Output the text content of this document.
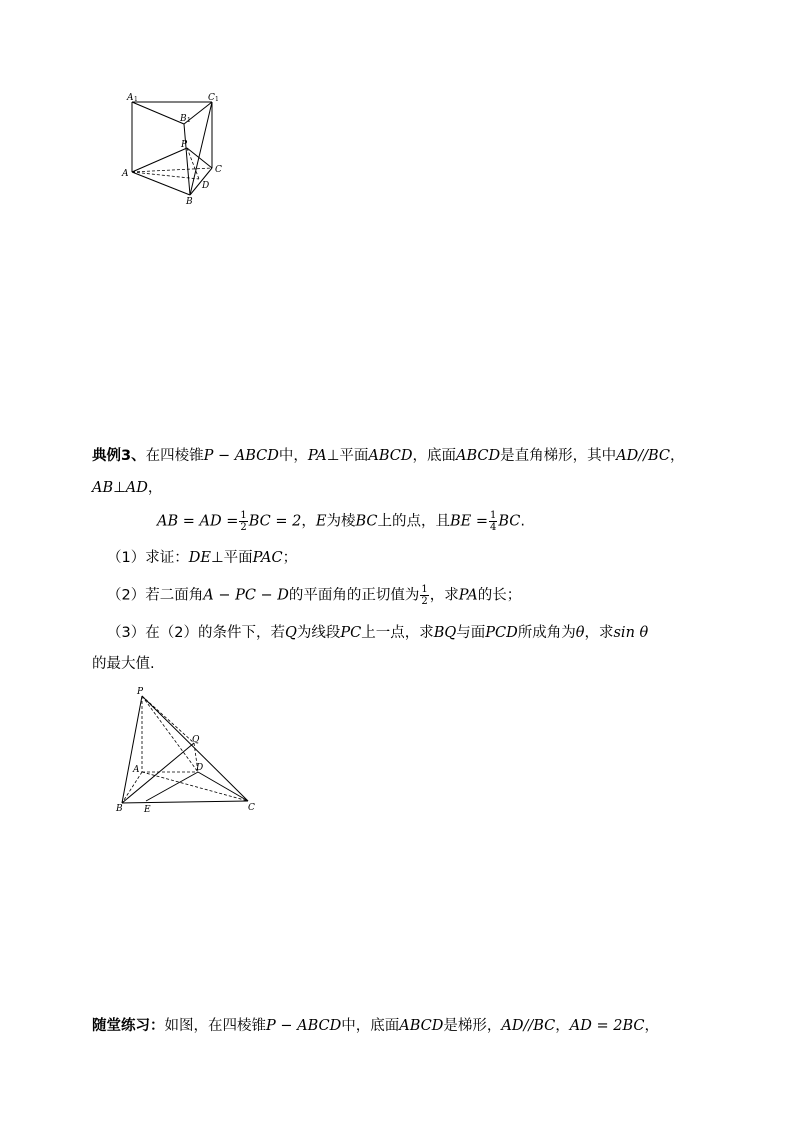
A 1	C 1
B 1
P
A	C
D
B
典例3、在四棱锥P − ABCD中，PA⊥平面ABCD，底面ABCD是直角梯形，其中AD//BC，
AB⊥AD，
AB = AD = $\frac{1}{2}$ BC = 2，E为棱BC上的点，且BE = $\frac{1}{4}$ BC.
（1）求证：DE⊥平面PAC；
（2）若二面角A − PC − D的平面角的正切值为 $\frac{1}{2}$ ，求PA的长；
（3）在（2）的条件下，若Q为线段PC上一点，求BQ与面PCD所成角为θ，求sin θ
的最大值.
P
Q
A	D
B E	C
随堂练习：如图，在四棱锥P − ABCD中，底面ABCD是梯形，AD//BC，AD = 2BC，
